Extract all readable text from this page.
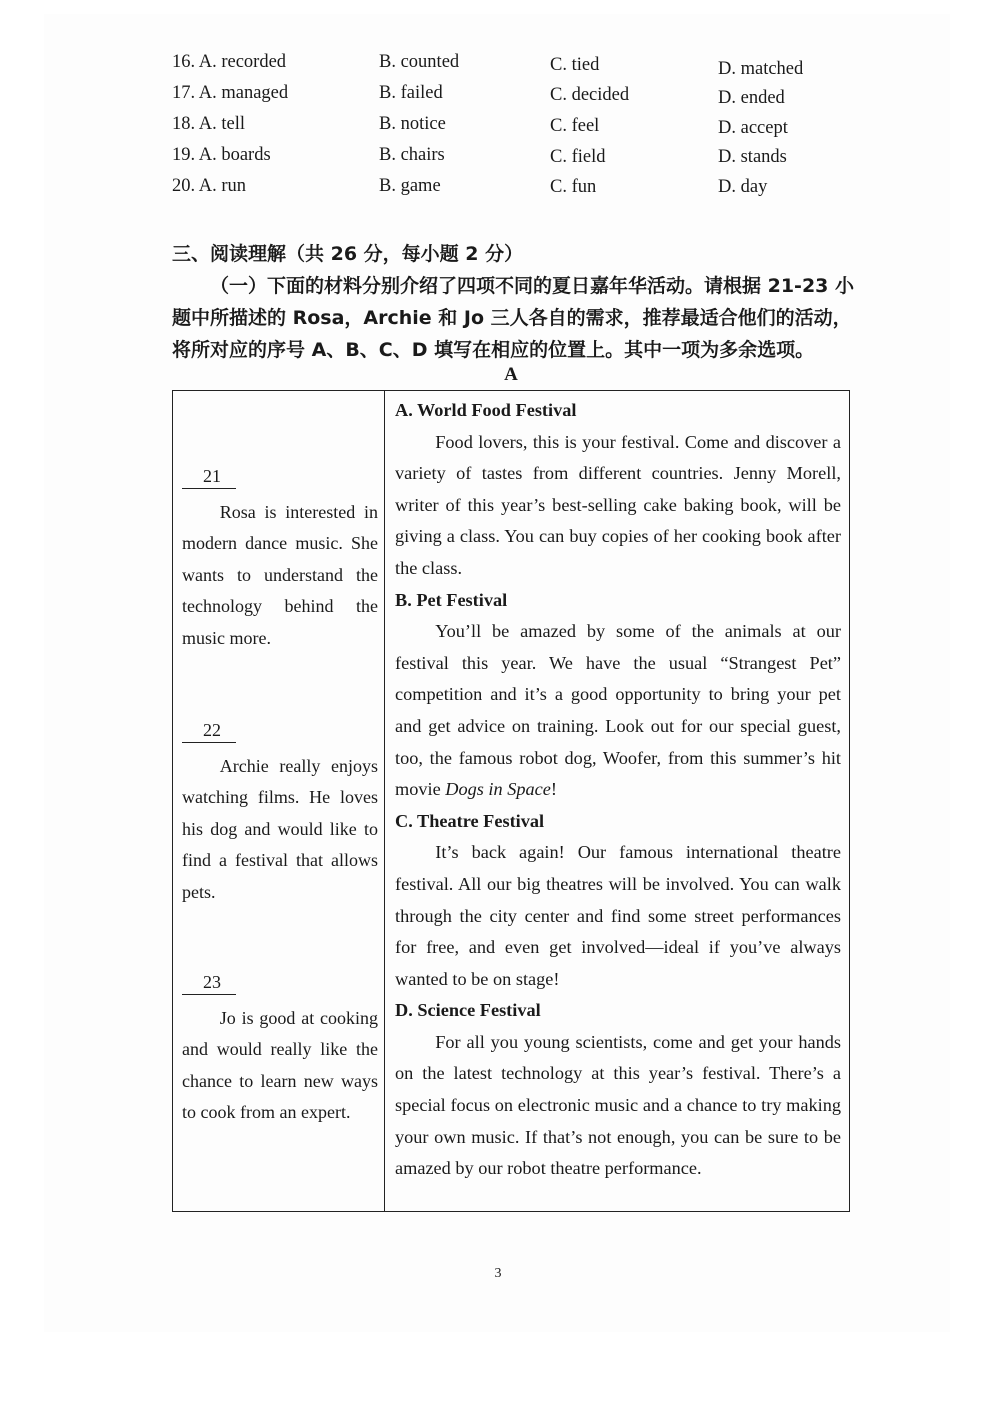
16. A. recorded	B. counted	C. tied	D. matched
17. A. managed	B. failed	C. decided	D. ended
18. A. tell	B. notice	C. feel	D. accept
19. A. boards	B. chairs	C. field	D. stands
20. A. run	B. game	C. fun	D. day

三、阅读理解（共 26 分，每小题 2 分）

（一）下面的材料分别介绍了四项不同的夏日嘉年华活动。请根据 21-23 小

题中所描述的 Rosa，Archie 和 Jo 三人各自的需求，推荐最适合他们的活动，

将所对应的序号 A、B、C、D 填写在相应的位置上。其中一项为多余选项。

A
21

Rosa is interested in modern dance music. She wants to understand the technology behind the music more.

22

Archie really enjoys watching films. He loves his dog and would like to find a festival that allows pets.

23

Jo is good at cooking and would really like the chance to learn new ways to cook from an expert.

A. World Food Festival

Food lovers, this is your festival. Come and discover a variety of tastes from different countries. Jenny Morell, writer of this year’s best-selling cake baking book, will be giving a class. You can buy copies of her cooking book after the class.

B. Pet Festival

You’ll be amazed by some of the animals at our festival this year. We have the usual “Strangest Pet” competition and it’s a good opportunity to bring your pet and get advice on training. Look out for our special guest, too, the famous robot dog, Woofer, from this summer’s hit movie Dogs in Space!

C. Theatre Festival

It’s back again! Our famous international theatre festival. All our big theatres will be involved. You can walk through the city center and find some street performances for free, and even get involved—ideal if you’ve always wanted to be on stage!

D. Science Festival

For all you young scientists, come and get your hands on the latest technology at this year’s festival. There’s a special focus on electronic music and a chance to try making your own music. If that’s not enough, you can be sure to be amazed by our robot theatre performance.

3
